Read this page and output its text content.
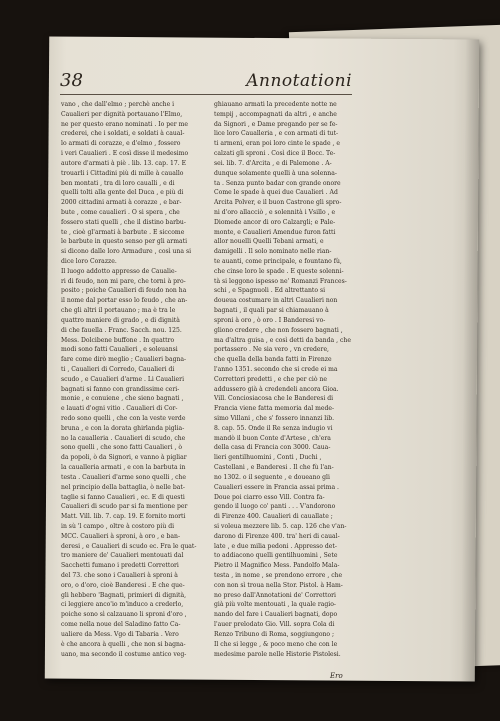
38	Annotationi
vano , che dall'elmo ; perchè anche i
Caualieri per dignità portauano l'Elmo,
ne per questo erano nominati . Io per me
crederei, che i soldati, e soldati à caual-
lo armati di corazze, e d'elmo , fossero
i veri Caualieri . E così disse il medesimo
autore d'armati à piè . lib. 13. cap. 17. E
trouarli i Cittadini più di mille à cauallo
ben montati , tra di loro caualli , e di
quelli tolti alla gente del Duca , e più di
2000 cittadini armati à corazze , e bar-
bute , come caualieri . O si spera , che
fossero stati quelli , che il distino barbu-
te , cioè gl'armati à barbute . E siccome
le barbute in questo senso per gli armati
si dicono dalle loro Armadure , così una si
dice loro Corazze.
Il luogo addotto appresso de Caualie-
ri di feudo, non mi pare, che torni à pro-
posito ; poiche Caualieri di feudo non ha
il nome dal portar esso lo feudo , che an-
che gli altri il portauano ; ma è tra le
quattro maniere di grado , e di dignità
di che fauella . Franc. Sacch. nou. 125.
Mess. Dolcibene buffone . In quattro
modi sono fatti Caualieri , e soleuansi
fare come dirò meglio ; Caualieri bagna-
ti , Caualieri di Corredo, Caualieri di
scudo , e Caualieri d'arme . Li Caualieri
bagnati si fanno con grandissime ceri-
monie , e conuiene , che sieno bagnati ,
e lauati d'ogni vitio . Caualieri di Cor-
redo sono quelli , che con la veste verde
bruna , e con la dorata ghirlanda piglia-
no la caualleria . Caualieri di scudo, che
sono quelli , che sono fatti Caualieri , ò
da popoli, ò da Signori, e vanno à pigliar
la caualleria armati , e con la barbuta in
testa . Caualieri d'arme sono quelli , che
nel principio della battaglia, ò nelle bat-
taglie si fanno Caualieri , ec. E di questi
Caualieri di scudo par si fa mentione per
Matt. Vill. lib. 7. cap. 19. E fornito morti
in sù 'l campo , oltre à costoro più di
MCC. Caualieri à sproni, à oro , e ban-
deresi , e Caualieri di scudo ec. Fra le quat-
tro maniere de' Caualieri mentouati dal
Sacchetti fumano i predetti Correttori
del 73. che sono i Caualieri à sproni à
oro, o d'oro, cioè Banderesi . E che que-
gli hebbero 'Bagnati, primieri di dignità,
ci leggiere anco'io m'induco a crederlo,
poiche sono sì calzauano li sproni d'oro ,
come nella noue del Saladino fatto Ca-
ualiere da Mess. Vgo di Tabaria . Vero
è che ancora à quelli , che non si bagna-
uano, ma secondo il costume antico veg-
ghiauano armati la precedente notte ne
tempij , accompagnati da altri , e anche
da Signori , e Dame pregando per se fe-
lice loro Caualleria , e con armati di tut-
ti armeni, eran poi loro cinte le spade , e
calzati gli sproni . Così dice il Bocc. Te-
sei. lib. 7. d'Arcita , e di Palemone . A-
dunque solamente quelli à una solenna-
ta . Senza punto badar con grande onore
Come le spade à quei due Caualieri . Ad
Arcita Polver, e il buon Castrone gli spro-
ni d'oro allacciò , e solennità i Vsillo , e
Diomede ancor di oro Calzargli; e Pale-
monte, e Caualieri Amendue furon fatti
allor nouelli Quelli Tebani armati, e
damigelli . Il solo nominato nelle rian-
te auanti, come principale, e fountano fù,
che cinse loro le spade . E queste solenni-
tà si leggono ispesso ne' Romanzi Frances-
schi , e Spagnuoli . Ed altrettanto si
doueua costumare in altri Caualieri non
bagnati , il quali par si chiamauano à
sproni à oro , ò oro . I Banderesi vo-
gliono credere , che non fossero bagnati ,
ma d'altra guisa , e così detti da banda , che
portassero . Ne sia vero , vn credere,
che quella della banda fatti in Firenze
l'anno 1351. secondo che si crede ei ma
Correttori predetti , e che per ciò ne
addussero già à credendeli ancora Gioa.
Vill. Conciosiacosa che le Banderesi di
Francia viene fatta memoria dal mede-
simo Villani , che s' fossero innanzi lib.
8. cap. 55. Onde il Re senza indugio vi
mandò il buon Conte d'Artese , ch'era
della casa di Francia con 3000. Caua-
lieri gentilhuomini , Conti , Duchi ,
Castellani , e Banderesi . Il che fù l'an-
no 1302. o il seguente , e doueano gli
Caualieri essere in Francia assai prima .
Doue poi ciarro esso Vill. Contra fa-
gendo il luogo co' panti . . . V'andorono
di Firenze 400. Caualieri di cauallate ;
si voleua mezzere lib. 5. cap. 126 che v'an-
darono di Firenze 400. tra' heri di caual-
late , e due milia pedoni . Appresso det-
to addiacono quelli gentilhuomini , Sete
Pietro il Magnifico Mess. Pandolfo Mala-
testa , in nome , se prendono errore , che
con non sì troua nella Stor. Pistol. à Ham-
no preso dall'Annotationi de' Correttori
già più volte mentouati , la quale ragio-
nando del fare i Caualieri bagnati, dopo
l'auer prelodato Gio. Vill. sopra Cola di
Renzo Tribuno di Roma, soggiungono ;
Il che si legge , & poco meno che con le
medesime parole nelle Historie Pistolesi.
Ero
